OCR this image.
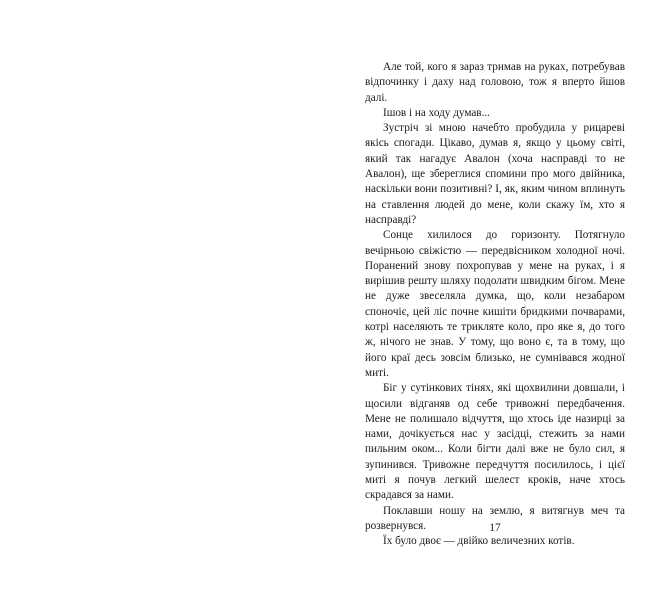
Але той, кого я зараз тримав на руках, потребував відпочинку і даху над головою, тож я вперто йшов далі.

Ішов і на ходу думав...

Зустріч зі мною начебто пробудила у рицареві якісь спогади. Цікаво, думав я, якщо у цьому світі, який так нагадує Авалон (хоча насправді то не Авалон), ще збереглися спомини про мого двійника, наскільки вони позитивні? І, як, яким чином вплинуть на ставлення людей до мене, коли скажу їм, хто я насправді?

Сонце хилилося до горизонту. Потягнуло вечірньою свіжістю — передвісником холодної ночі. Поранений знову похропував у мене на руках, і я вирішив решту шляху подолати швидким бігом. Мене не дуже звеселяла думка, що, коли незабаром споночіє, цей ліс почне кишіти бридкими почварами, котрі населяють те триклятe коло, про яке я, до того ж, нічого не знав. У тому, що воно є, та в тому, що його краї десь зовсім близько, не сумнівався жодної миті.

Біг у сутінкових тінях, які щохвилини довшали, і щосили відганяв од себе тривожні передбачення. Мене не полишало відчуття, що хтось іде назирці за нами, дочікується нас у засідці, стежить за нами пильним оком... Коли бігти далі вже не було сил, я зупинився. Тривожне передчуття посилилось, і цієї миті я почув легкий шелест кроків, наче хтось скрадався за нами.

Поклавши ношу на землю, я витягнув меч та розвернувся.

Їх було двоє — двійко величезних котів.

17
